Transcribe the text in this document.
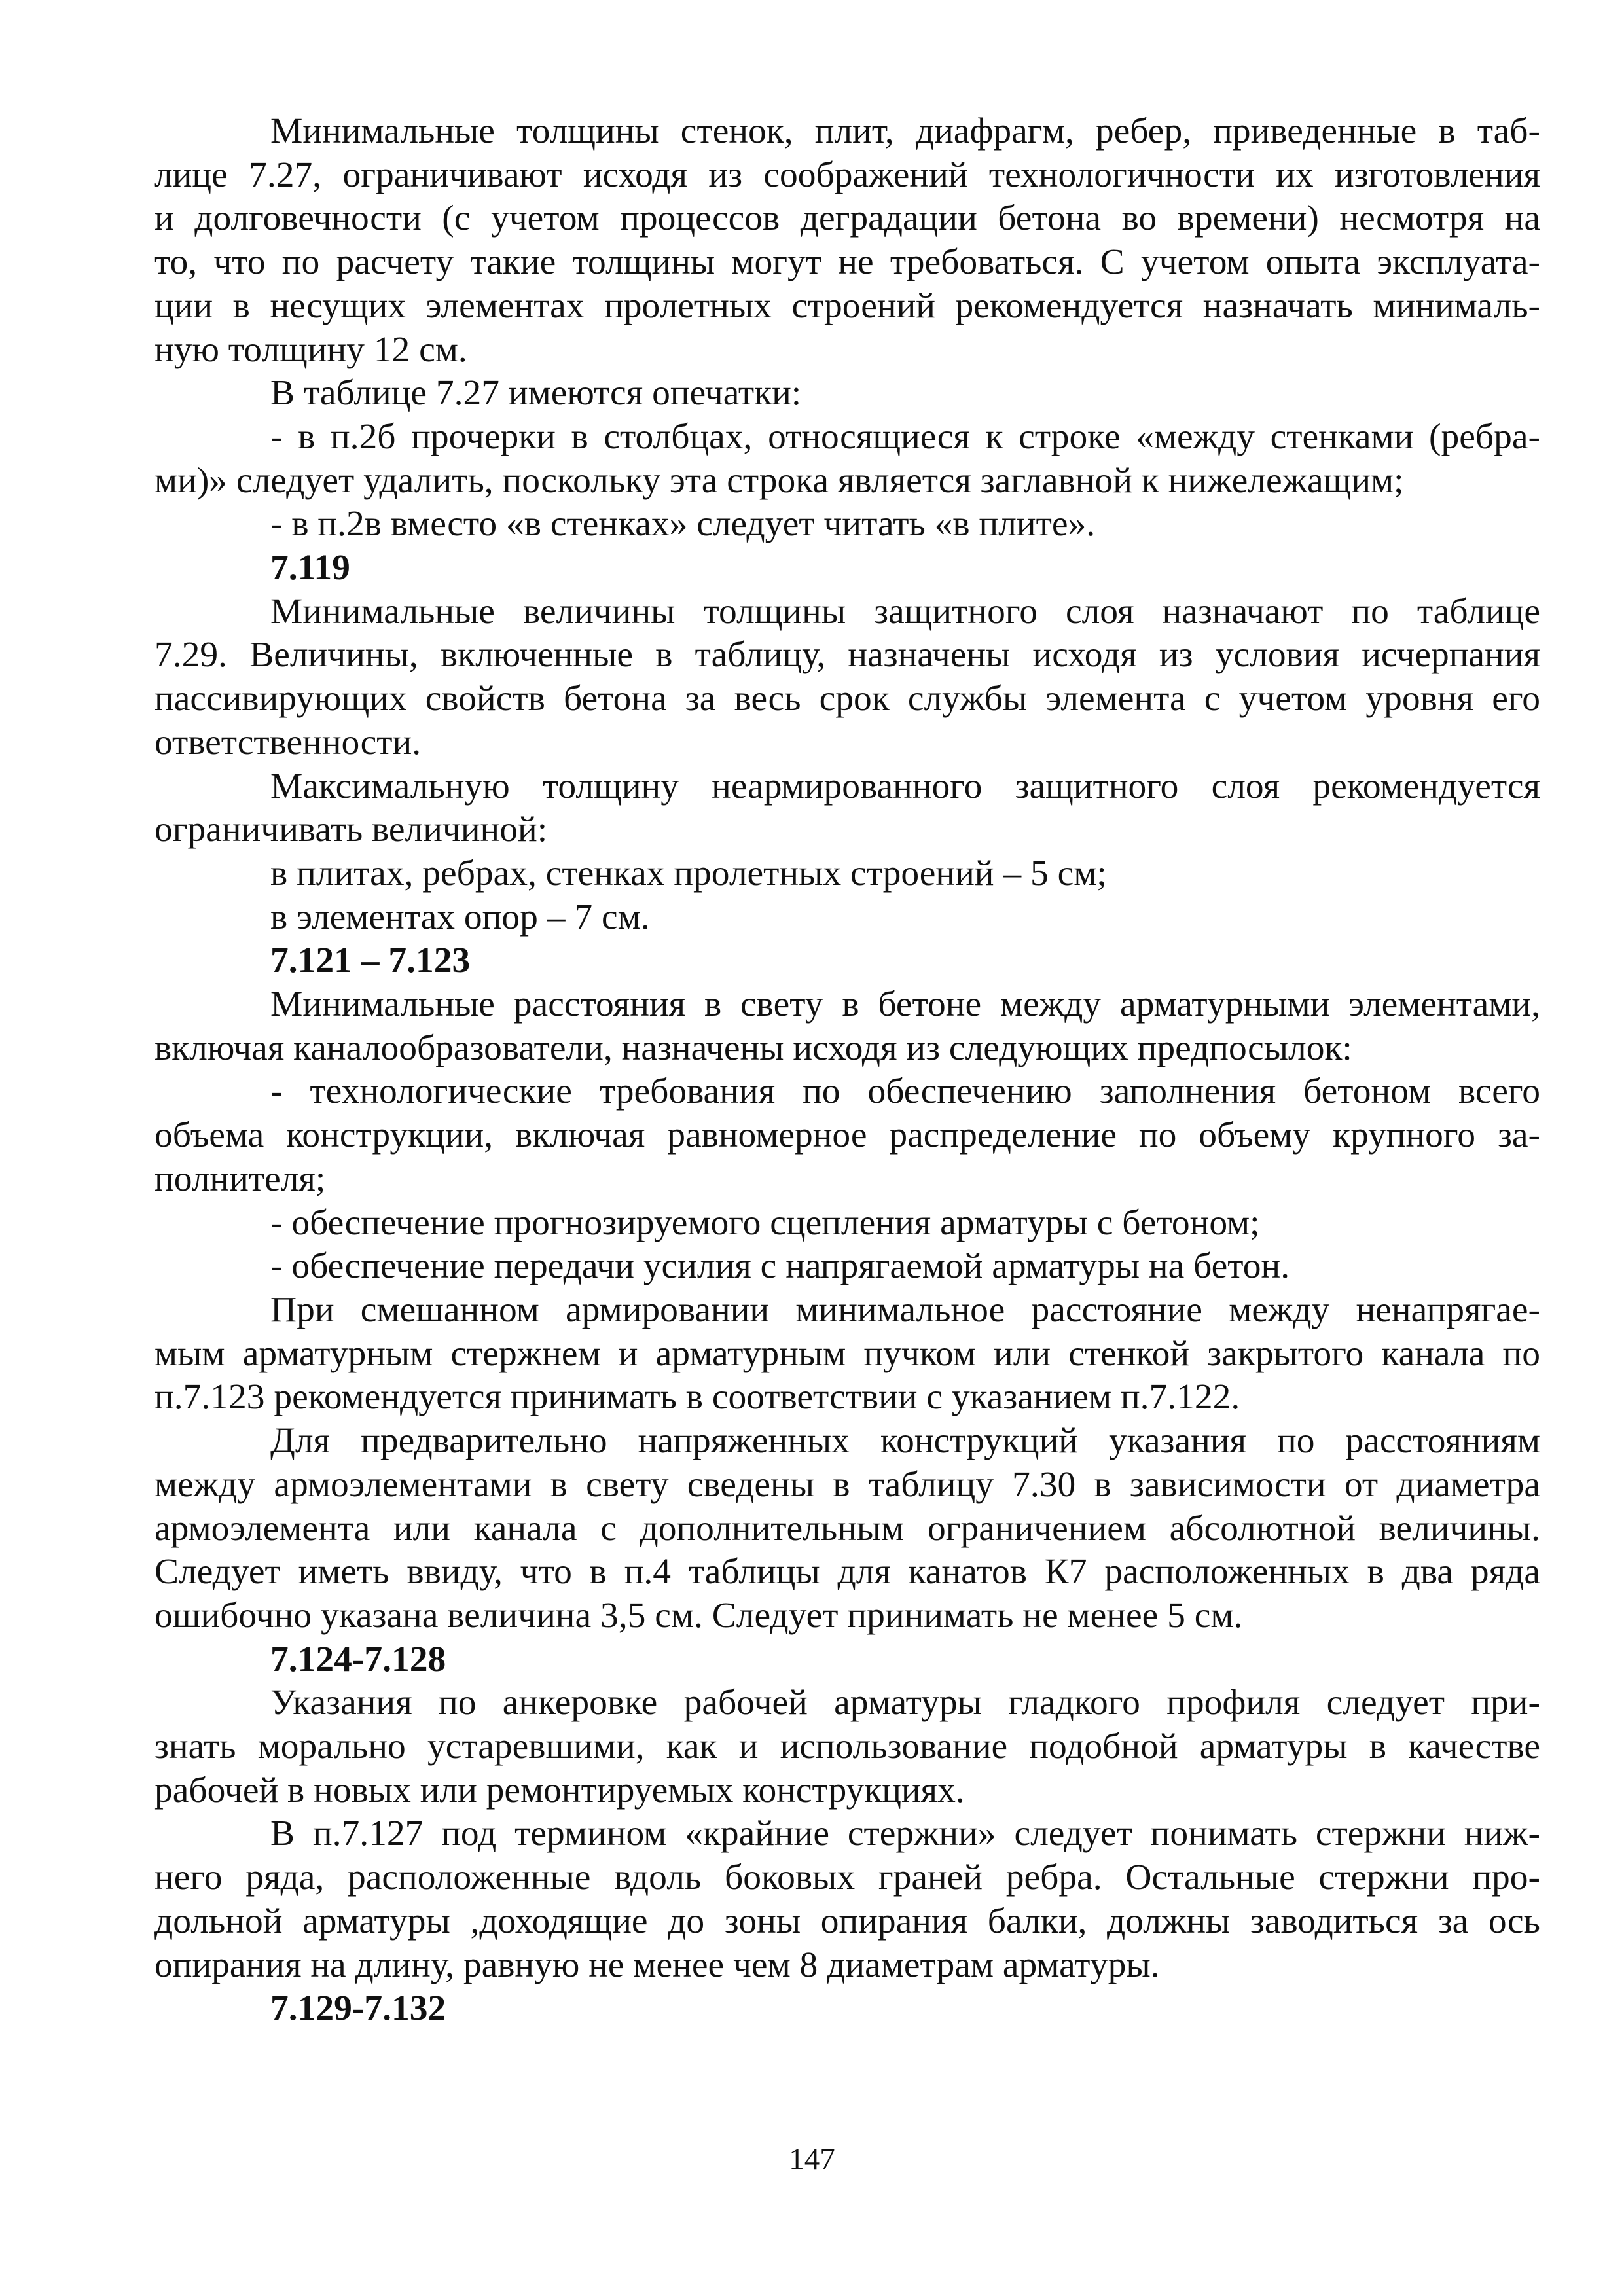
Минимальные толщины стенок, плит, диафрагм, ребер, приведенные в таб-
лице 7.27, ограничивают исходя из соображений технологичности их изготовления
и долговечности (с учетом процессов деградации бетона во времени) несмотря на
то, что по расчету такие толщины могут не требоваться. С учетом опыта эксплуата-
ции в несущих элементах пролетных строений рекомендуется назначать минималь-
ную толщину 12 см.
В таблице 7.27 имеются опечатки:
- в п.2б прочерки в столбцах, относящиеся к строке «между стенками (ребра-
ми)» следует удалить, поскольку эта строка является заглавной к нижележащим;
- в п.2в вместо «в стенках» следует читать «в плите».
7.119
Минимальные величины толщины защитного слоя назначают по таблице
7.29. Величины, включенные в таблицу, назначены исходя из условия исчерпания
пассивирующих свойств бетона за весь срок службы элемента с учетом уровня его
ответственности.
Максимальную толщину неармированного защитного слоя рекомендуется
ограничивать величиной:
в плитах, ребрах, стенках пролетных строений – 5 см;
в элементах опор – 7 см.
7.121 – 7.123
Минимальные расстояния в свету в бетоне между арматурными элементами,
включая каналообразователи, назначены исходя из следующих предпосылок:
- технологические требования по обеспечению заполнения бетоном всего
объема конструкции, включая равномерное распределение по объему крупного за-
полнителя;
- обеспечение прогнозируемого сцепления арматуры с бетоном;
- обеспечение передачи усилия с напрягаемой арматуры на бетон.
При смешанном армировании минимальное расстояние между ненапрягае-
мым арматурным стержнем и арматурным пучком или стенкой закрытого канала по
п.7.123 рекомендуется принимать в соответствии с указанием п.7.122.
Для предварительно напряженных конструкций указания по расстояниям
между армоэлементами в свету сведены в таблицу 7.30 в зависимости от диаметра
армоэлемента или канала с дополнительным ограничением абсолютной величины.
Следует иметь ввиду, что в п.4 таблицы для канатов К7 расположенных в два ряда
ошибочно указана величина 3,5 см. Следует принимать не менее 5 см.
7.124-7.128
Указания по анкеровке рабочей арматуры гладкого профиля следует при-
знать морально устаревшими, как и использование подобной арматуры в качестве
рабочей в новых или ремонтируемых конструкциях.
В п.7.127 под термином «крайние стержни» следует понимать стержни ниж-
него ряда, расположенные вдоль боковых граней ребра. Остальные стержни про-
дольной арматуры ,доходящие до зоны опирания балки, должны заводиться за ось
опирания на длину, равную не менее чем 8 диаметрам арматуры.
7.129-7.132
147
